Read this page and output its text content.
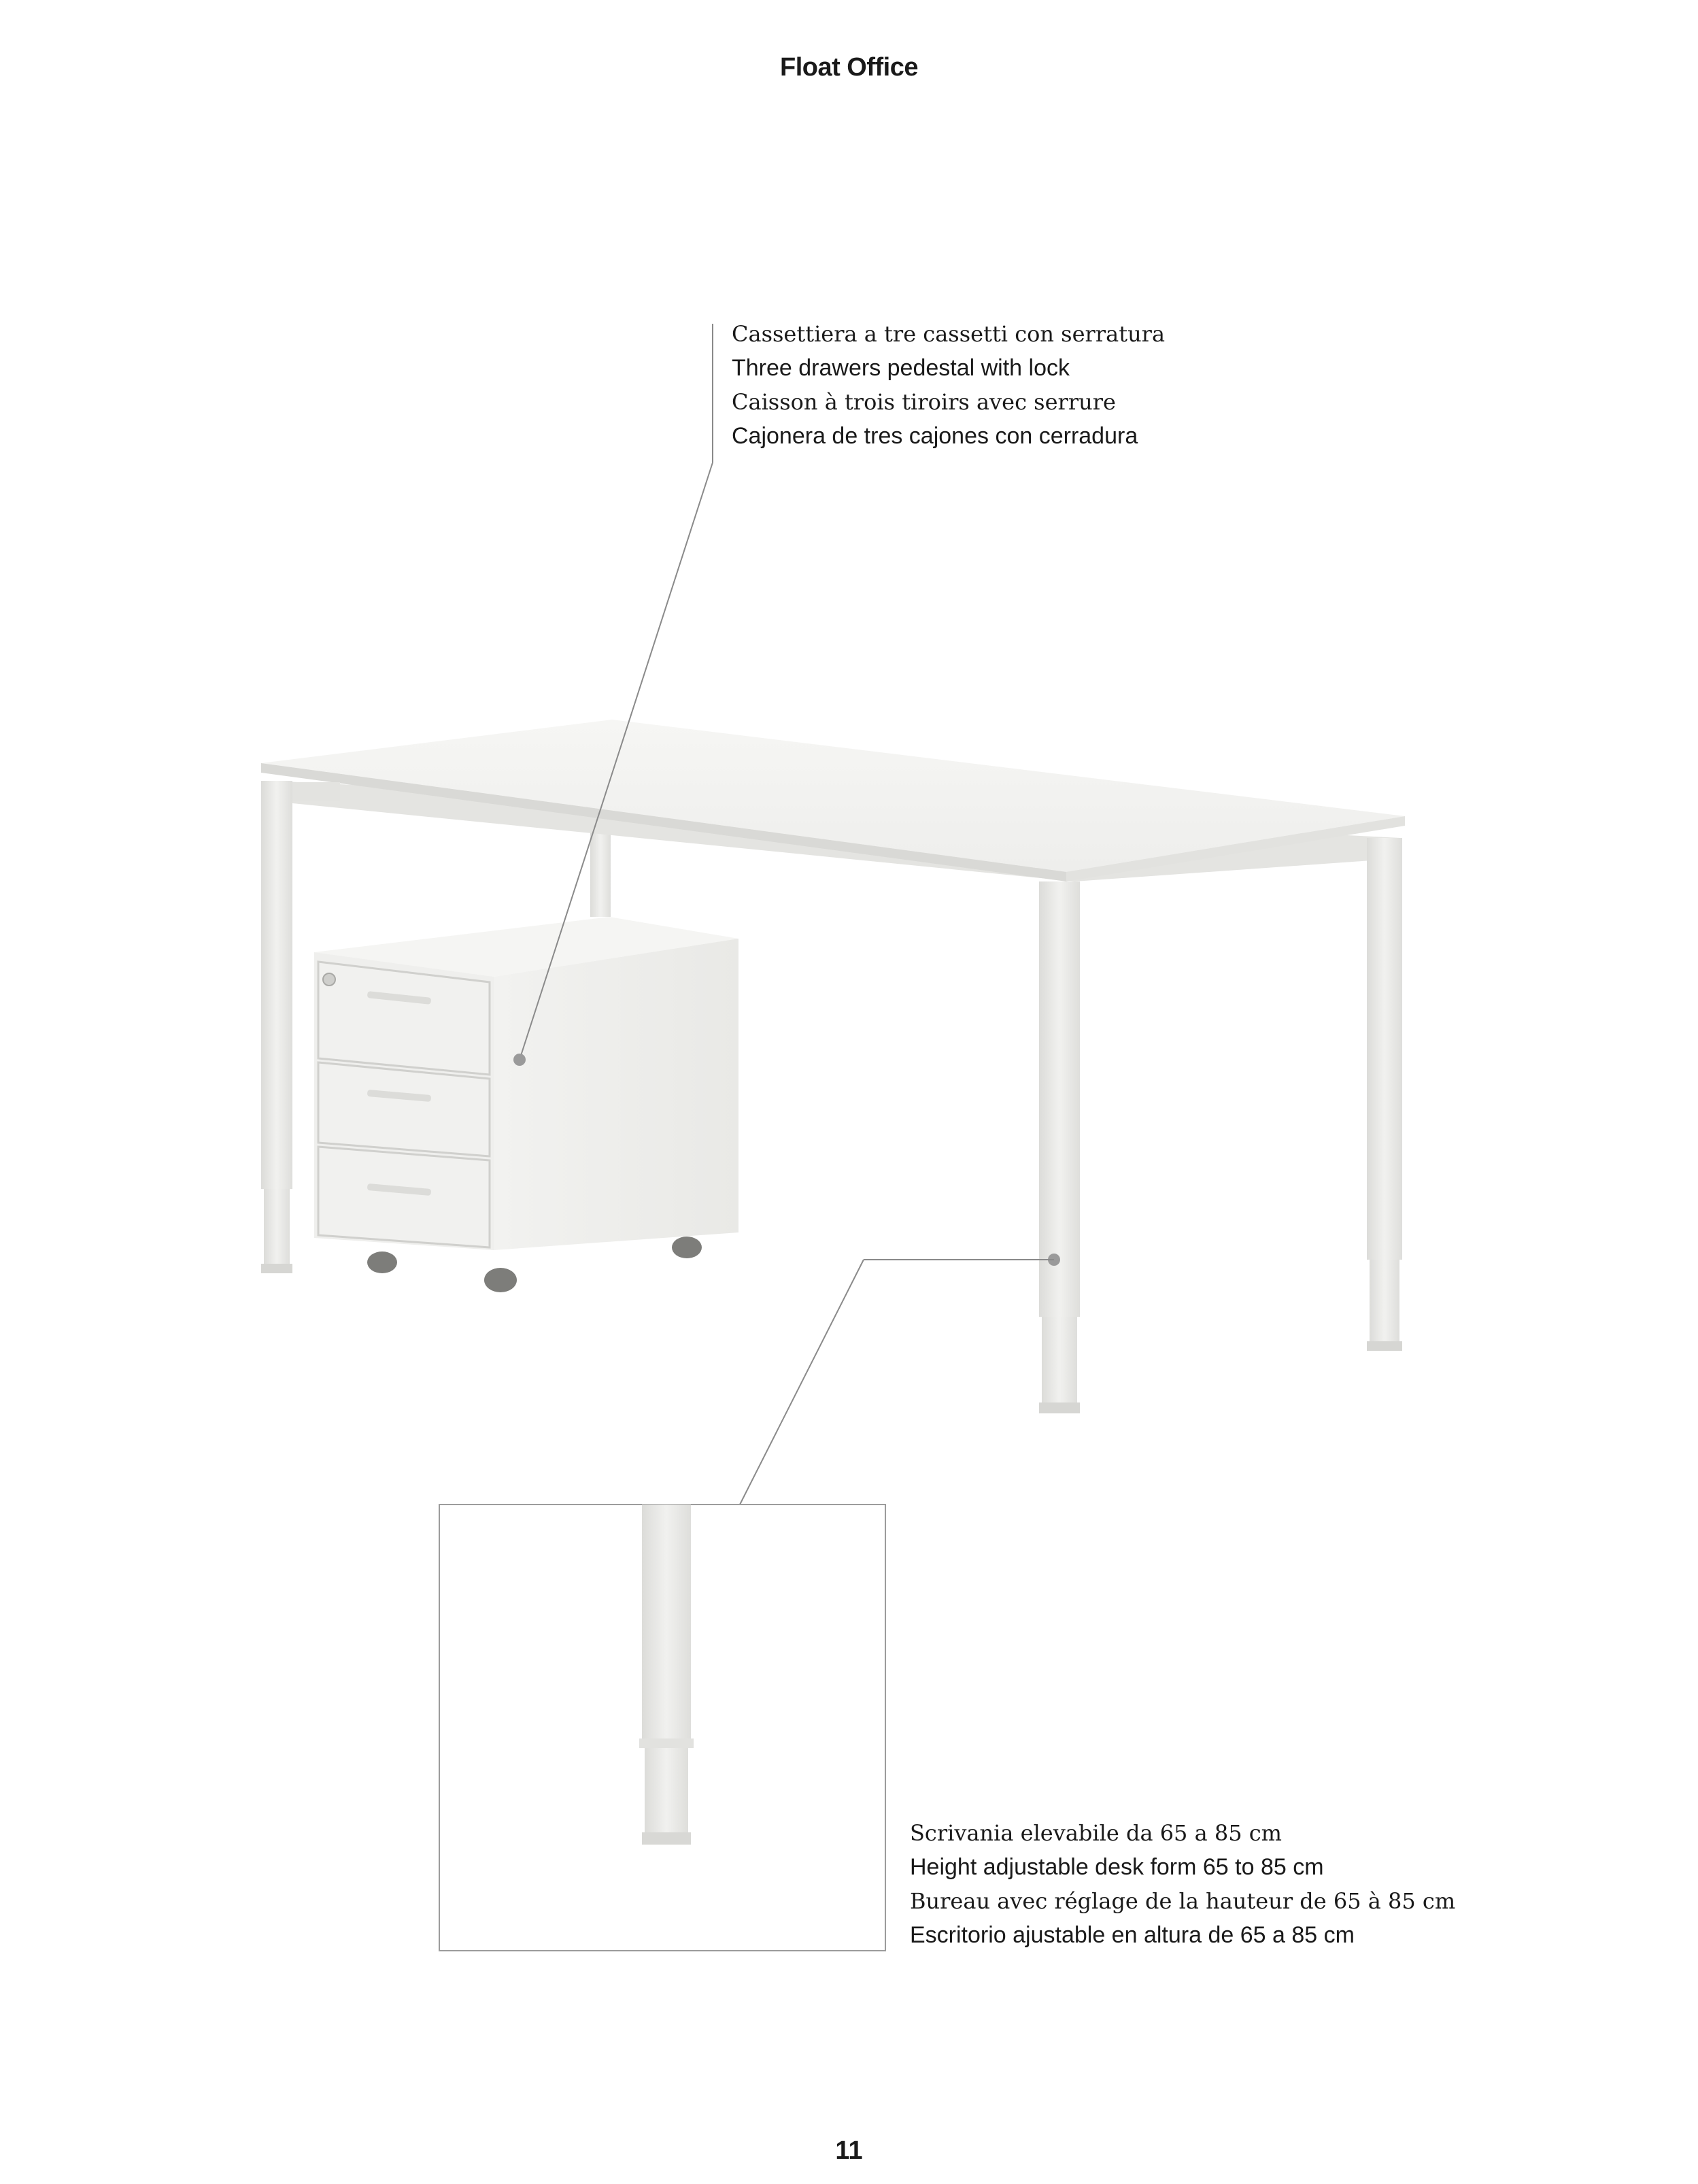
Float Office
Cassettiera a tre cassetti con serratura
Three drawers pedestal with lock
Caisson à trois tiroirs avec serrure
Cajonera de tres cajones con cerradura
Scrivania elevabile da 65 a 85 cm
Height adjustable desk form 65 to 85 cm
Bureau avec réglage de la hauteur de 65 à 85 cm
Escritorio ajustable en altura de 65 a 85 cm
11
